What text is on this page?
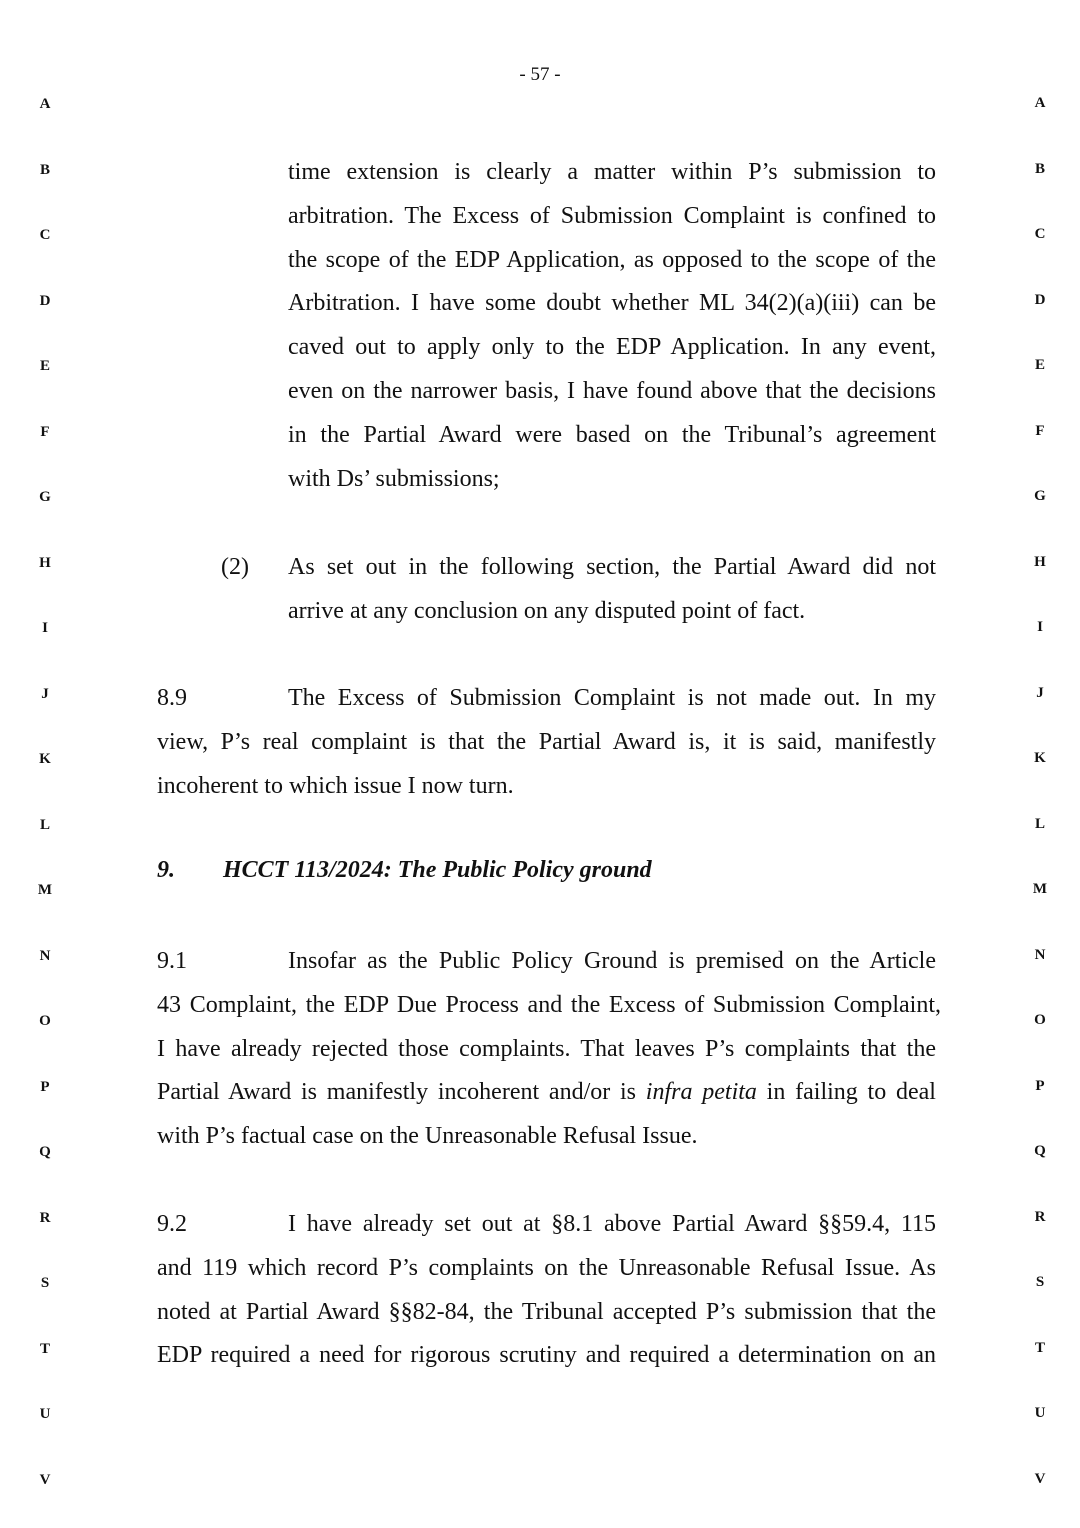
- 57 -
A
B
C
D
E
F
G
H
I
J
K
L
M
N
O
P
Q
R
S
T
U
V
A
B
C
D
E
F
G
H
I
J
K
L
M
N
O
P
Q
R
S
T
U
V
time extension is clearly a matter within P’s submission to
arbitration. The Excess of Submission Complaint is confined to
the scope of the EDP Application, as opposed to the scope of the
Arbitration. I have some doubt whether ML 34(2)(a)(iii) can be
caved out to apply only to the EDP Application. In any event,
even on the narrower basis, I have found above that the decisions
in the Partial Award were based on the Tribunal’s agreement
with Ds’ submissions;
(2) As set out in the following section, the Partial Award did not
arrive at any conclusion on any disputed point of fact.
8.9	The Excess of Submission Complaint is not made out. In my
view, P’s real complaint is that the Partial Award is, it is said, manifestly
incoherent to which issue I now turn.
9. HCCT 113/2024: The Public Policy ground
9.1	Insofar as the Public Policy Ground is premised on the Article
43 Complaint, the EDP Due Process and the Excess of Submission Complaint,
I have already rejected those complaints. That leaves P’s complaints that the
Partial Award is manifestly incoherent and/or is infra petita in failing to deal
with P’s factual case on the Unreasonable Refusal Issue.
9.2	I have already set out at §8.1 above Partial Award §§59.4, 115
and 119 which record P’s complaints on the Unreasonable Refusal Issue. As
noted at Partial Award §§82-84, the Tribunal accepted P’s submission that the
EDP required a need for rigorous scrutiny and required a determination on an
